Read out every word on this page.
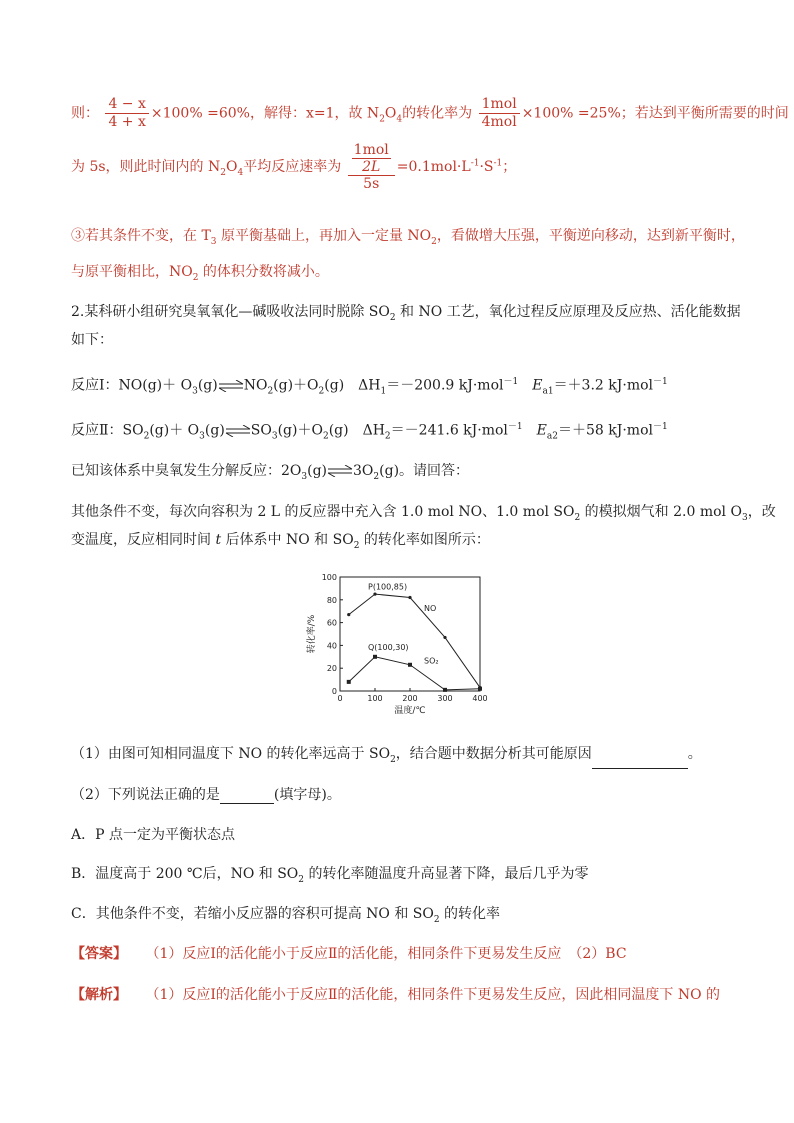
则： $\frac{4 - x}{4 + x} \times 100\% =60\%$，解得：x=1，故 $N_2O_4$的转化率为 $\frac{\text{1mol}}{\text{4mol}} \times 100\% =25\%$；若达到平衡所需要的时间
为 5s，则此时间内的 $N_2O_4$平均反应速率为 $\frac{\frac{\text{1mol}}{2L}}{5s} =0.1mol\cdot L^{-1}\cdot S^{-1}$；
③若其条件不变，在 $T_3$ 原平衡基础上，再加入一定量 $NO_2$，看做增大压强，平衡逆向移动，达到新平衡时，
与原平衡相比，$NO_2$ 的体积分数将减小。
2.某科研小组研究臭氧氧化—碱吸收法同时脱除 $SO_2$ 和 NO 工艺，氧化过程反应原理及反应热、活化能数据
如下：
反应Ⅰ：$NO(g)+ O_3(g)\rightleftharpoons NO_2(g)+O_2(g)$　$\Delta H_1=-200.9$ kJ·mol$^{-1}$　$E_{a1}=+3.2$ kJ·mol$^{-1}$
反应Ⅱ：$SO_2(g)+$ $O_3(g)\rightleftharpoons SO_3(g)+O_2(g)$　$\Delta H_2=-241.6$ kJ·mol$^{-1}$　$E_{a2}=+58$ kJ·mol$^{-1}$
已知该体系中臭氧发生分解反应：$2O_3(g)\rightleftharpoons 3O_2(g)$。请回答：
其他条件不变，每次向容积为 2 L 的反应器中充入含 1.0 mol NO、1.0 mol $SO_2$ 的模拟烟气和 2.0 mol $O_3$，改
变温度，反应相同时间 t 后体系中 NO 和 $SO_2$ 的转化率如图所示：
0
20
40
60
80
100
0	100 200 300 400
温度/℃
转化率/%
NO
SO₂
P(100,85)
Q(100,30)
（1）由图可知相同温度下 NO 的转化率远高于 $SO_2$，结合题中数据分析其可能原因	。
（2）下列说法正确的是	(填字母)。
A．P 点一定为平衡状态点
B．温度高于 200 ℃后，NO 和 $SO_2$ 的转化率随温度升高显著下降，最后几乎为零
C．其他条件不变，若缩小反应器的容积可提高 NO 和 $SO_2$ 的转化率
【答案】 （1）反应Ⅰ的活化能小于反应Ⅱ的活化能，相同条件下更易发生反应　（2）BC
【解析】 （1）反应Ⅰ的活化能小于反应Ⅱ的活化能，相同条件下更易发生反应，因此相同温度下 NO 的
